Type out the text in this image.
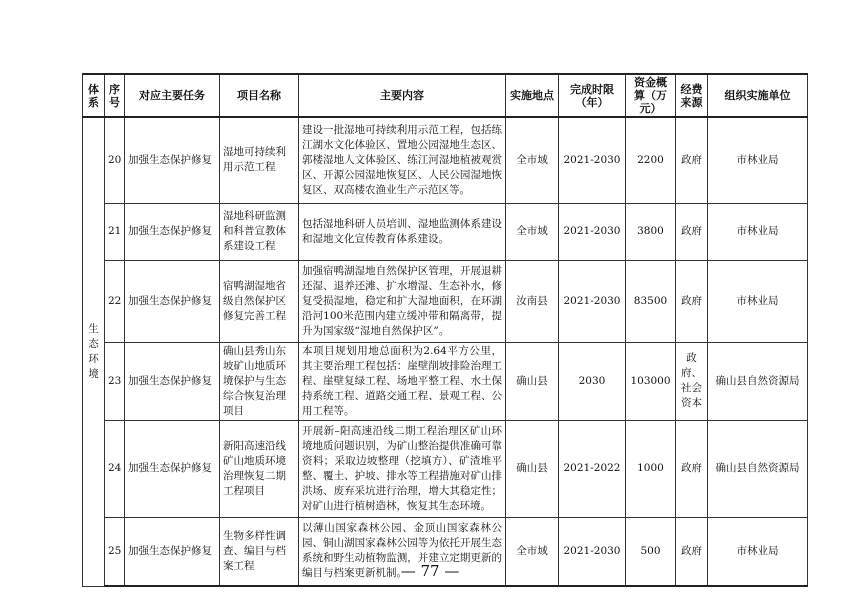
体系	序号	对应主要任务	项目名称	主要内容	实施地点	完成时限（年）	资金概算（万元）	经费来源	组织实施单位
生态环境	20	加强生态保护修复	湿地可持续利用示范工程	建设一批湿地可持续利用示范工程，包括练江湖水文化体验区、置地公园湿地生态区、郭楼湿地人文体验区、练江河湿地植被观赏区、开源公园湿地恢复区、人民公园湿地恢复区、双高楼农渔业生产示范区等。	全市域	2021-2030	2200	政府	市林业局
	21	加强生态保护修复	湿地科研监测和科普宣教体系建设工程	包括湿地科研人员培训、湿地监测体系建设和湿地文化宣传教育体系建设。	全市域	2021-2030	3800	政府	市林业局
	22	加强生态保护修复	宿鸭湖湿地省级自然保护区修复完善工程	加强宿鸭湖湿地自然保护区管理，开展退耕还湿、退养还滩、扩水增湿、生态补水，修复受损湿地，稳定和扩大湿地面积，在环湖沿河100米范围内建立缓冲带和隔离带，提升为国家级“湿地自然保护区”。	汝南县	2021-2030	83500	政府	市林业局
	23	加强生态保护修复	确山县秀山东坡矿山地质环境保护与生态综合恢复治理项目	本项目规划用地总面积为2.64平方公里，其主要治理工程包括：崖壁削坡排险治理工程、崖壁复绿工程、场地平整工程、水土保持系统工程、道路交通工程、景观工程、公用工程等。	确山县	2030	103000	政府、社会资本	确山县自然资源局
	24	加强生态保护修复	新阳高速沿线矿山地质环境治理恢复二期工程项目	开展新–阳高速沿线二期工程治理区矿山环境地质问题识别，为矿山整治提供准确可靠资料；采取边坡整理（挖填方）、矿渣堆平整、覆土、护坡、排水等工程措施对矿山排洪场、废弃采坑进行治理，增大其稳定性；对矿山进行植树造林，恢复其生态环境。	确山县	2021-2022	1000	政府	确山县自然资源局
	25	加强生态保护修复	生物多样性调查、编目与档案工程	以薄山国家森林公园、金顶山国家森林公园、铜山湖国家森林公园等为依托开展生态系统和野生动植物监测，并建立定期更新的编目与档案更新机制。	全市域	2021-2030	500	政府	市林业局
— 77 —
